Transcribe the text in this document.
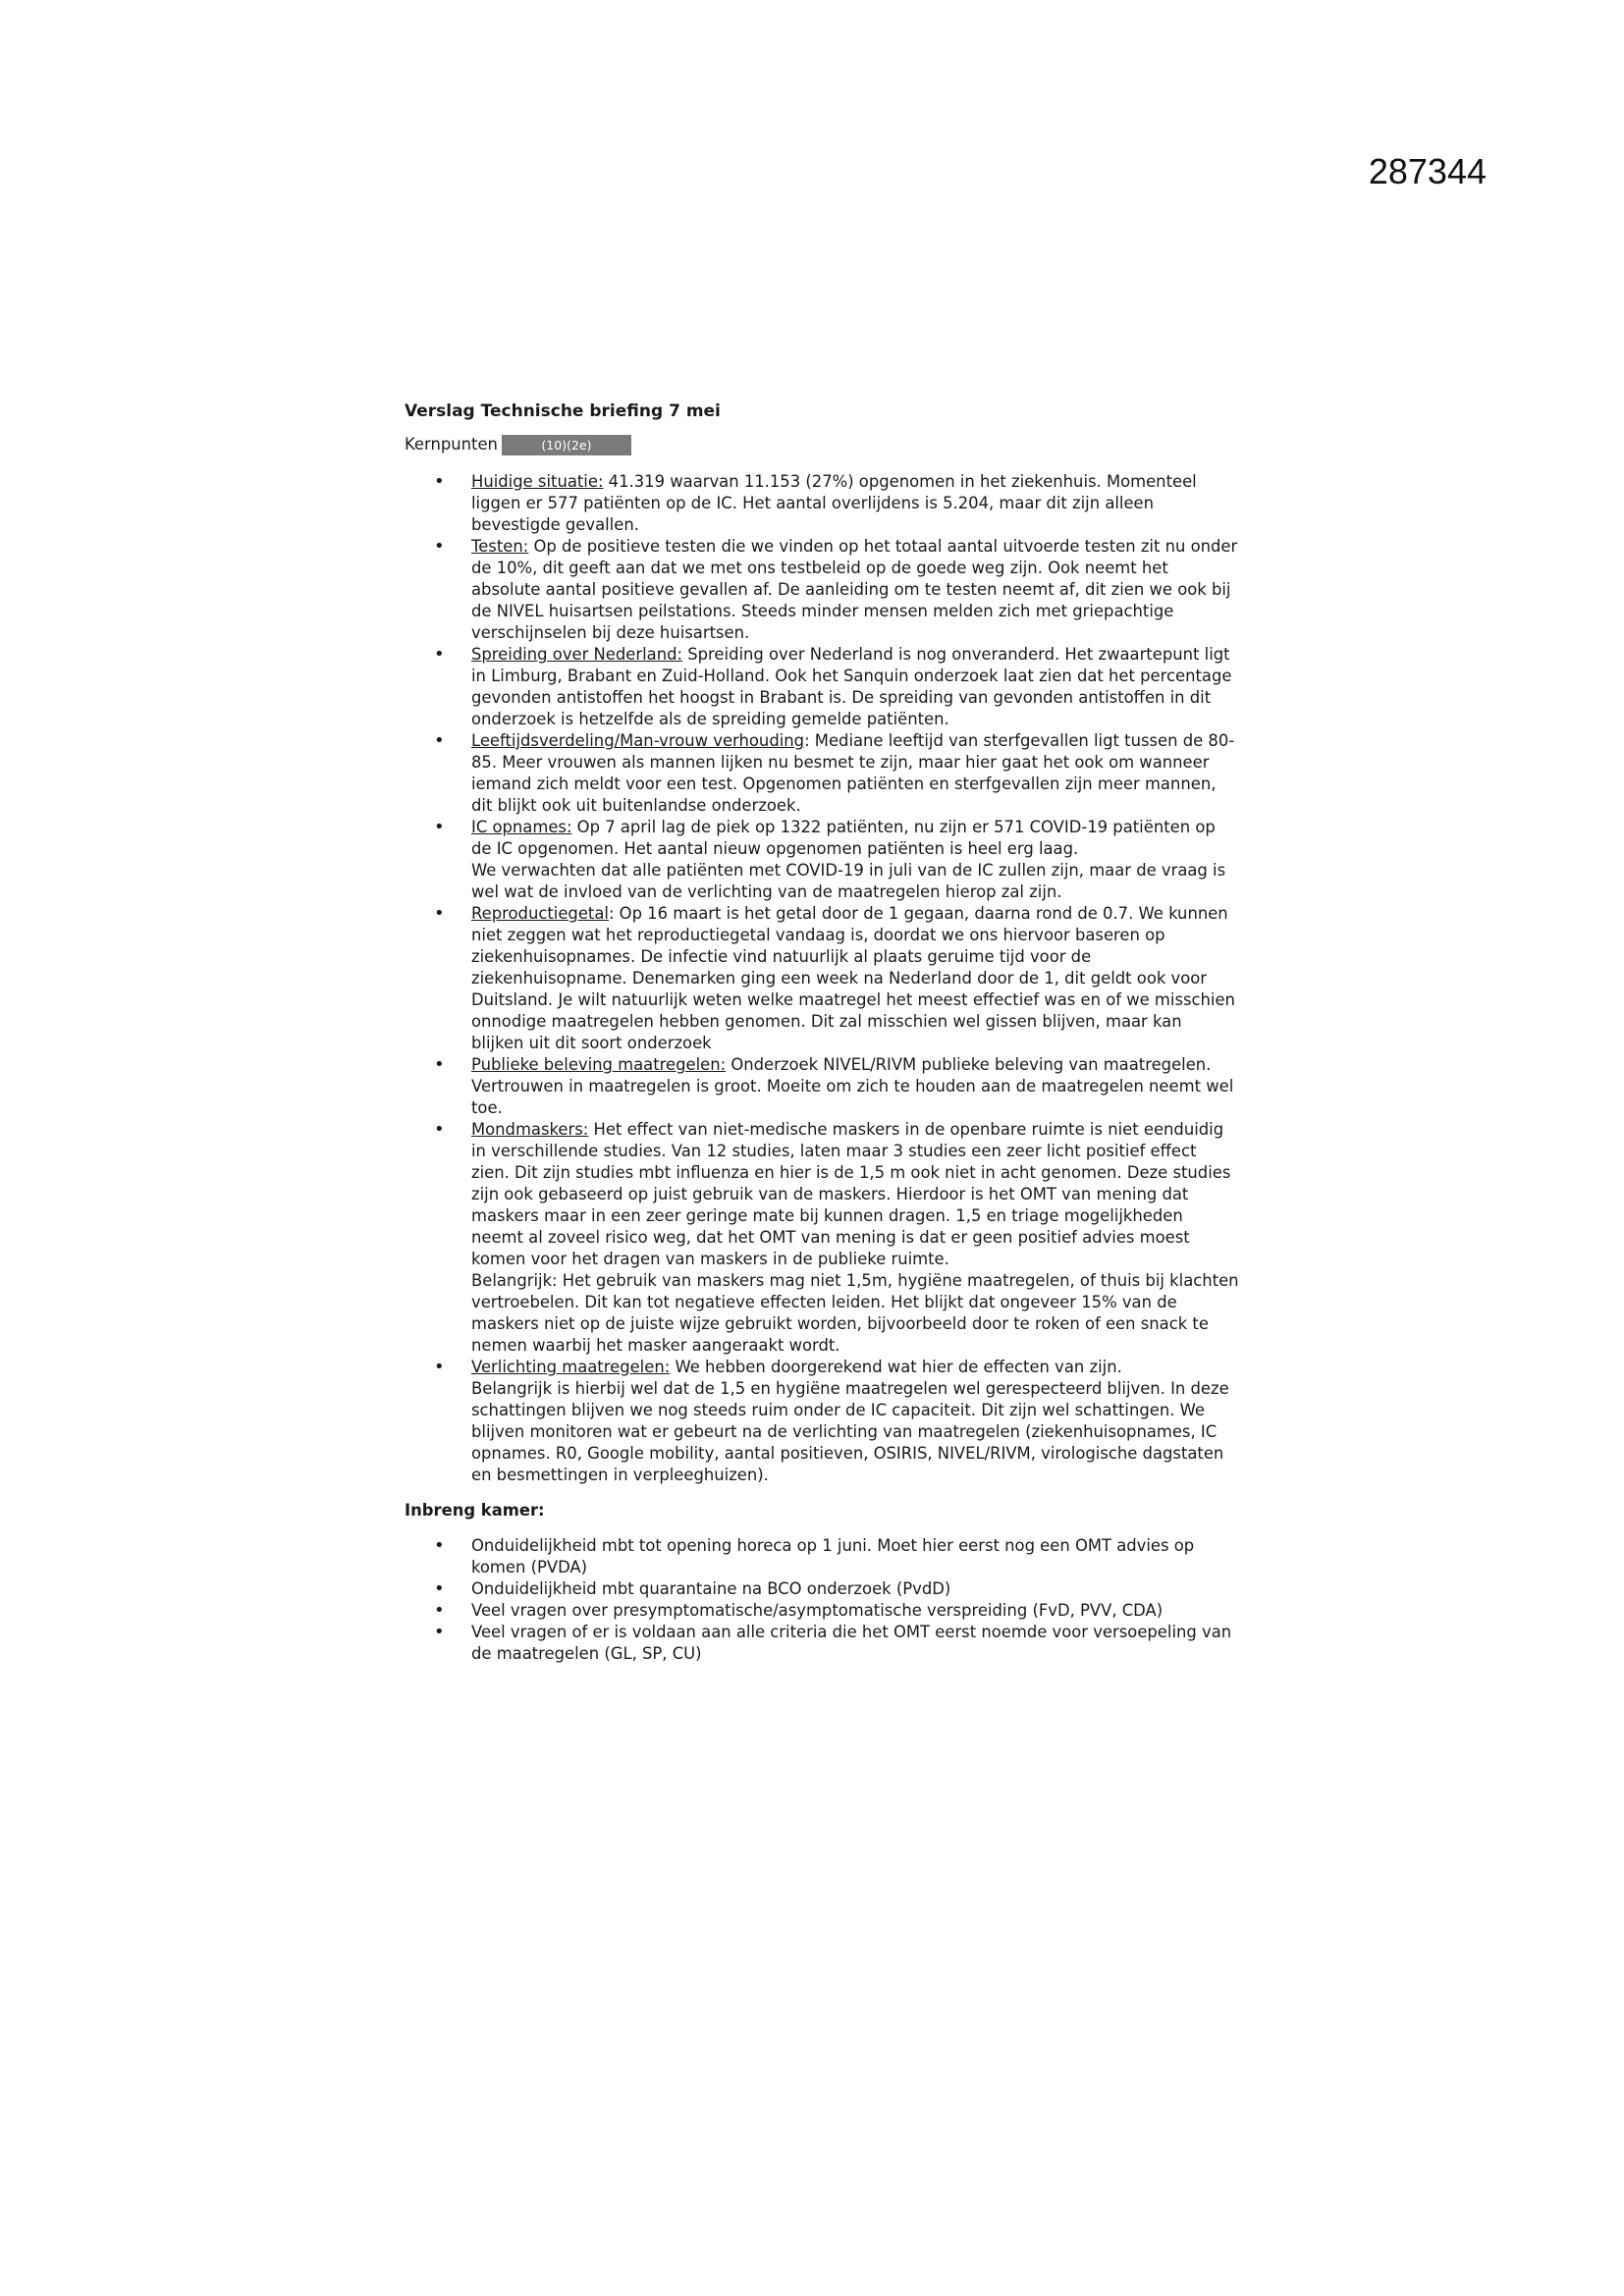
287344
Verslag Technische briefing 7 mei
Kernpunten	(10)(2e)
• Huidige situatie: 41.319 waarvan 11.153 (27%) opgenomen in het ziekenhuis. Momenteel liggen er 577 patiënten op de IC. Het aantal overlijdens is 5.204, maar dit zijn alleen bevestigde gevallen.
• Testen: Op de positieve testen die we vinden op het totaal aantal uitvoerde testen zit nu onder de 10%, dit geeft aan dat we met ons testbeleid op de goede weg zijn. Ook neemt het absolute aantal positieve gevallen af. De aanleiding om te testen neemt af, dit zien we ook bij de NIVEL huisartsen peilstations. Steeds minder mensen melden zich met griepachtige verschijnselen bij deze huisartsen.
• Spreiding over Nederland: Spreiding over Nederland is nog onveranderd. Het zwaartepunt ligt in Limburg, Brabant en Zuid-Holland. Ook het Sanquin onderzoek laat zien dat het percentage gevonden antistoffen het hoogst in Brabant is. De spreiding van gevonden antistoffen in dit onderzoek is hetzelfde als de spreiding gemelde patiënten.
• Leeftijdsverdeling/Man-vrouw verhouding: Mediane leeftijd van sterfgevallen ligt tussen de 80-85. Meer vrouwen als mannen lijken nu besmet te zijn, maar hier gaat het ook om wanneer iemand zich meldt voor een test. Opgenomen patiënten en sterfgevallen zijn meer mannen, dit blijkt ook uit buitenlandse onderzoek.
• IC opnames: Op 7 april lag de piek op 1322 patiënten, nu zijn er 571 COVID-19 patiënten op de IC opgenomen. Het aantal nieuw opgenomen patiënten is heel erg laag.
We verwachten dat alle patiënten met COVID-19 in juli van de IC zullen zijn, maar de vraag is wel wat de invloed van de verlichting van de maatregelen hierop zal zijn.
• Reproductiegetal: Op 16 maart is het getal door de 1 gegaan, daarna rond de 0.7. We kunnen niet zeggen wat het reproductiegetal vandaag is, doordat we ons hiervoor baseren op ziekenhuisopnames. De infectie vind natuurlijk al plaats geruime tijd voor de ziekenhuisopname. Denemarken ging een week na Nederland door de 1, dit geldt ook voor Duitsland. Je wilt natuurlijk weten welke maatregel het meest effectief was en of we misschien onnodige maatregelen hebben genomen. Dit zal misschien wel gissen blijven, maar kan blijken uit dit soort onderzoek
• Publieke beleving maatregelen: Onderzoek NIVEL/RIVM publieke beleving van maatregelen. Vertrouwen in maatregelen is groot. Moeite om zich te houden aan de maatregelen neemt wel toe.
• Mondmaskers: Het effect van niet-medische maskers in de openbare ruimte is niet eenduidig in verschillende studies. Van 12 studies, laten maar 3 studies een zeer licht positief effect zien. Dit zijn studies mbt influenza en hier is de 1,5 m ook niet in acht genomen. Deze studies zijn ook gebaseerd op juist gebruik van de maskers. Hierdoor is het OMT van mening dat maskers maar in een zeer geringe mate bij kunnen dragen. 1,5 en triage mogelijkheden neemt al zoveel risico weg, dat het OMT van mening is dat er geen positief advies moest komen voor het dragen van maskers in de publieke ruimte.
Belangrijk: Het gebruik van maskers mag niet 1,5m, hygiëne maatregelen, of thuis bij klachten vertroebelen. Dit kan tot negatieve effecten leiden. Het blijkt dat ongeveer 15% van de maskers niet op de juiste wijze gebruikt worden, bijvoorbeeld door te roken of een snack te nemen waarbij het masker aangeraakt wordt.
• Verlichting maatregelen: We hebben doorgerekend wat hier de effecten van zijn.
Belangrijk is hierbij wel dat de 1,5 en hygiëne maatregelen wel gerespecteerd blijven. In deze schattingen blijven we nog steeds ruim onder de IC capaciteit. Dit zijn wel schattingen. We blijven monitoren wat er gebeurt na de verlichting van maatregelen (ziekenhuisopnames, IC opnames. R0, Google mobility, aantal positieven, OSIRIS, NIVEL/RIVM, virologische dagstaten en besmettingen in verpleeghuizen).
Inbreng kamer:
• Onduidelijkheid mbt tot opening horeca op 1 juni. Moet hier eerst nog een OMT advies op komen (PVDA)
• Onduidelijkheid mbt quarantaine na BCO onderzoek (PvdD)
• Veel vragen over presymptomatische/asymptomatische verspreiding (FvD, PVV, CDA)
• Veel vragen of er is voldaan aan alle criteria die het OMT eerst noemde voor versoepeling van de maatregelen (GL, SP, CU)
